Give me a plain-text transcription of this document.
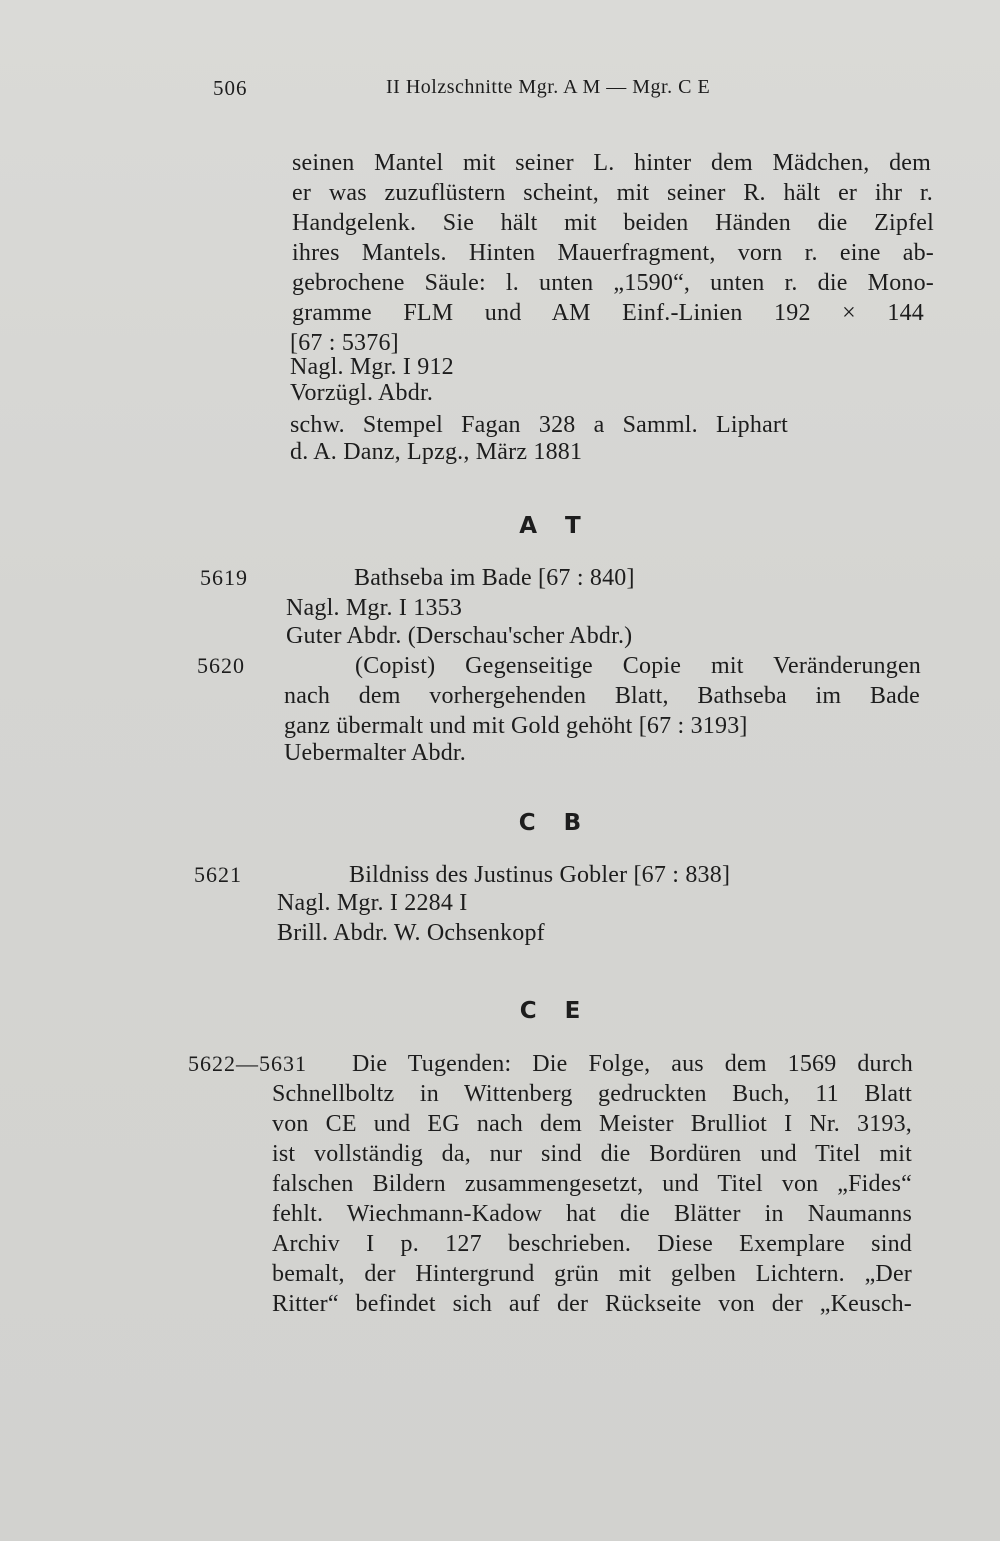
506	II Holzschnitte Mgr. A M — Mgr. C E
seinen Mantel mit seiner L. hinter dem Mädchen, dem
er was zuzuflüstern scheint, mit seiner R. hält er ihr r.
Handgelenk. Sie hält mit beiden Händen die Zipfel
ihres Mantels. Hinten Mauerfragment, vorn r. eine ab-
gebrochene Säule: l. unten „1590“, unten r. die Mono-
gramme FLM und AM Einf.-Linien 192 × 144
[67 : 5376]
Nagl. Mgr. I 912
Vorzügl. Abdr.
schw. Stempel Fagan 328 a Samml. Liphart
d. A. Danz, Lpzg., März 1881
A T
5619	Bathseba im Bade [67 : 840]
Nagl. Mgr. I 1353
Guter Abdr. (Derschau'scher Abdr.)
5620	(Copist) Gegenseitige Copie mit Veränderungen
nach dem vorhergehenden Blatt, Bathseba im Bade
ganz übermalt und mit Gold gehöht [67 : 3193]
Uebermalter Abdr.
C B
5621	Bildniss des Justinus Gobler [67 : 838]
Nagl. Mgr. I 2284 I
Brill. Abdr. W. Ochsenkopf
C E
5622—5631 Die Tugenden: Die Folge, aus dem 1569 durch
Schnellboltz in Wittenberg gedruckten Buch, 11 Blatt
von CE und EG nach dem Meister Brulliot I Nr. 3193,
ist vollständig da, nur sind die Bordüren und Titel mit
falschen Bildern zusammengesetzt, und Titel von „Fides“
fehlt. Wiechmann-Kadow hat die Blätter in Naumanns
Archiv I p. 127 beschrieben. Diese Exemplare sind
bemalt, der Hintergrund grün mit gelben Lichtern. „Der
Ritter“ befindet sich auf der Rückseite von der „Keusch-
